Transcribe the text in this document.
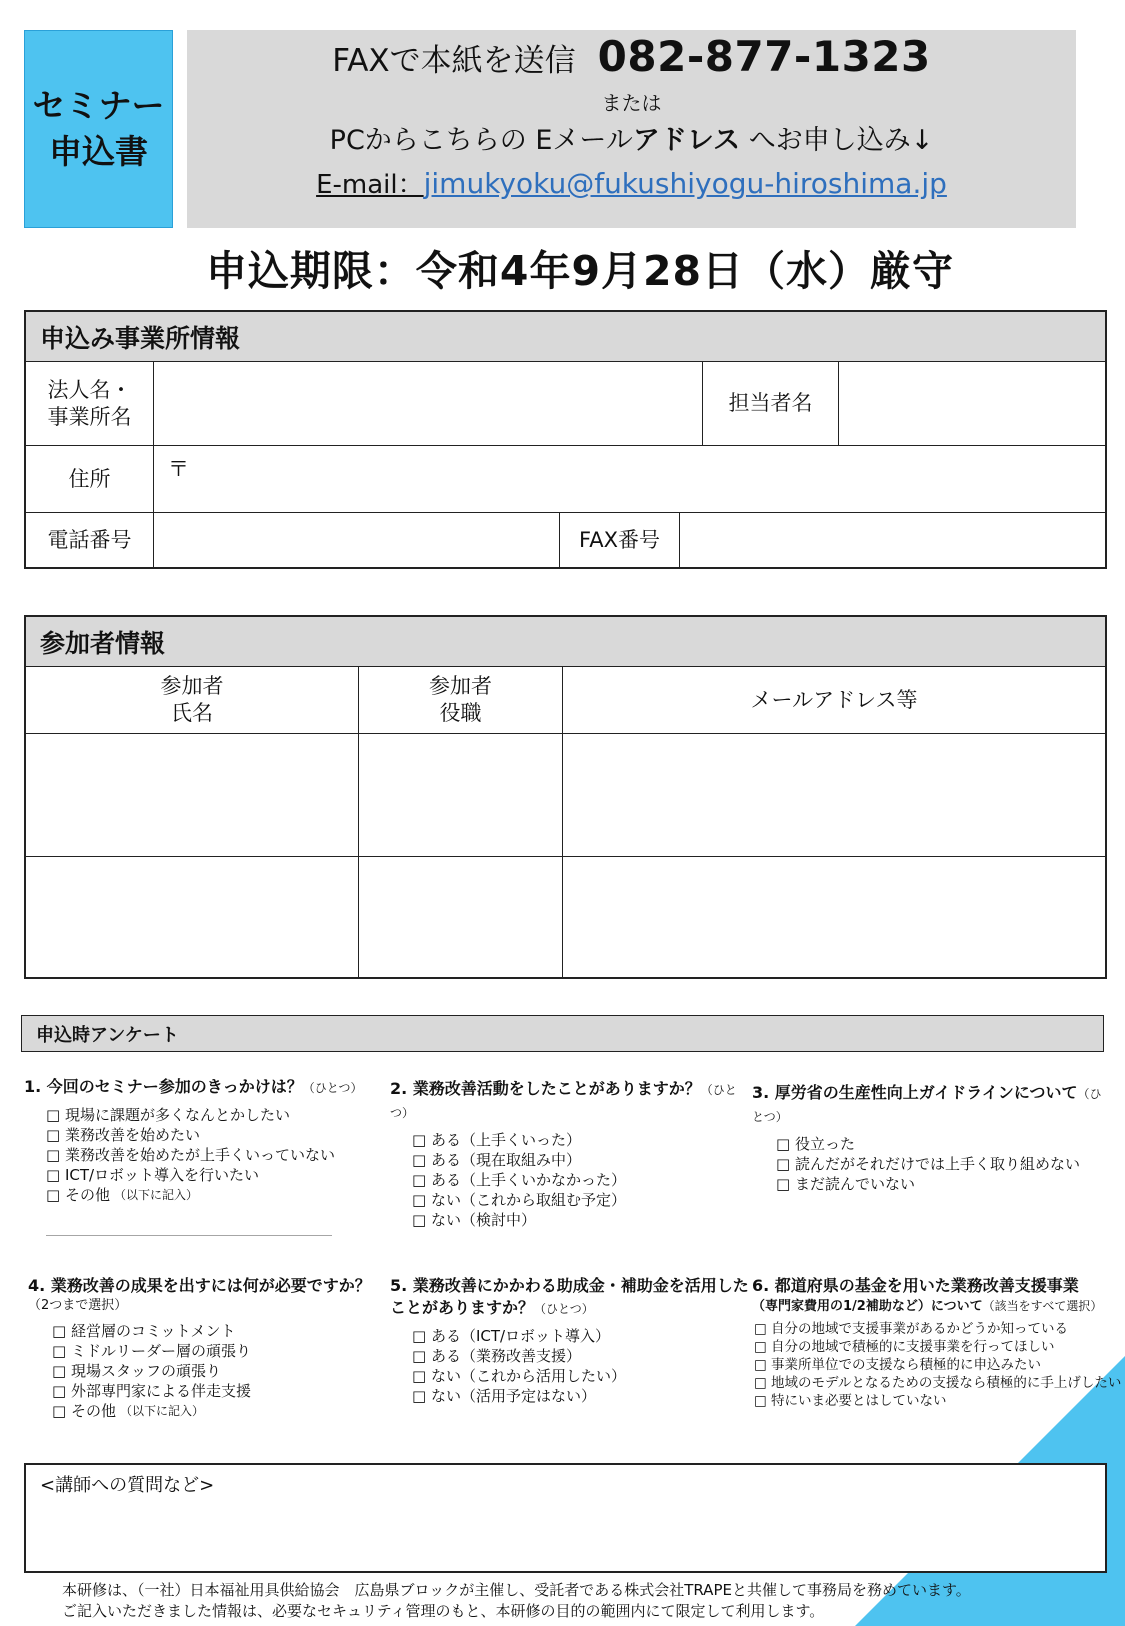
セミナー
申込書
FAXで本紙を送信 082-877-1323
または
PCからこちらの Eメールアドレス へお申し込み↓
E-mail：jimukyoku@fukushiyogu-hiroshima.jp
申込期限：令和4年9月28日（水）厳守
申込み事業所情報
法人名・
事業所名
担当者名
住所	〒
電話番号	FAX番号
参加者情報
参加者
氏名
参加者
役職
メールアドレス等
申込時アンケート
1. 今回のセミナー参加のきっかけは？（ひとつ）
□ 現場に課題が多くなんとかしたい
□ 業務改善を始めたい
□ 業務改善を始めたが上手くいっていない
□ ICT/ロボット導入を行いたい
□ その他 （以下に記入）
＿＿＿＿＿＿＿＿＿＿＿＿＿＿＿＿＿＿＿＿＿＿
2. 業務改善活動をしたことがありますか？（ひとつ）
□ ある（上手くいった）
□ ある（現在取組み中）
□ ある（上手くいかなかった）
□ ない（これから取組む予定）
□ ない（検討中）
3. 厚労省の生産性向上ガイドラインについて（ひとつ）
□ 役立った
□ 読んだがそれだけでは上手く取り組めない
□ まだ読んでいない
4. 業務改善の成果を出すには何が必要ですか？
（2つまで選択）
□ 経営層のコミットメント
□ ミドルリーダー層の頑張り
□ 現場スタッフの頑張り
□ 外部専門家による伴走支援
□ その他 （以下に記入）
5. 業務改善にかかわる助成金・補助金を活用した
ことがありますか？（ひとつ）
□ ある（ICT/ロボット導入）
□ ある（業務改善支援）
□ ない（これから活用したい）
□ ない（活用予定はない）
6. 都道府県の基金を用いた業務改善支援事業
（専門家費用の1/2補助など）について（該当をすべて選択）
□ 自分の地域で支援事業があるかどうか知っている
□ 自分の地域で積極的に支援事業を行ってほしい
□ 事業所単位での支援なら積極的に申込みたい
□ 地域のモデルとなるための支援なら積極的に手上げしたい
□ 特にいま必要とはしていない
<講師への質問など>
本研修は、（一社）日本福祉用具供給協会　広島県ブロックが主催し、受託者である株式会社TRAPEと共催して事務局を務めています。
ご記入いただきました情報は、必要なセキュリティ管理のもと、本研修の目的の範囲内にて限定して利用します。
